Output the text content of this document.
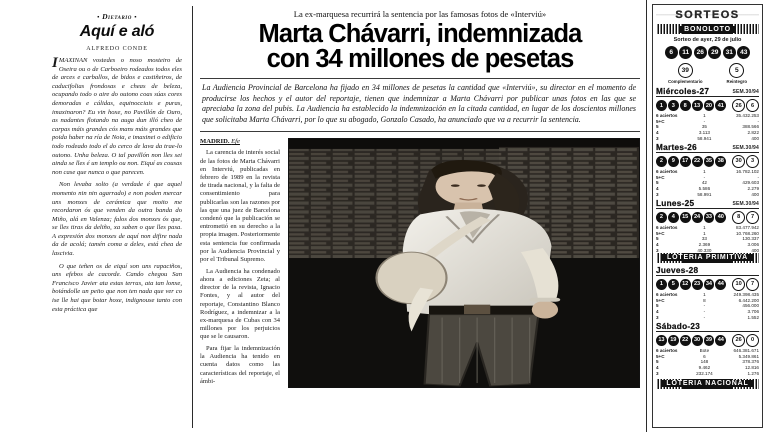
▪ Dietario ▪
Aquí e aló
ALFREDO CONDE

IMAXINAN vostedes o noso mosteiro de Oseira ou o de Carboeiro rodeados todos eles de arces e carballos, de bidos e castiñeiros, de caducifolias frondosas e cheas de beleza, ocupando todo o aire do outono coas súas cores demoradas e cálidas, equinocciais e puras, imaxinaron? Eu vin hoxe, no Pavillón de Ouro, as nadantes flotando na auga dun illó cheo de carpas máis grandes cós mans máis grandes que poida haber na ría de Noia, e imaxinei o edificio todo rodeado todo el do cerco de lava da trae-lo outono. Unha beleza. O tal pavillón non lles sei ainda se lles é un templo ou non. Eiquí as cousas non case que nunca o que parecen.

Non levaba solto (a verdade é que aquel momento nin nin agarrado) e non poden mercar uns monxes de cerámica que moito me recordaron ós que venden da outra banda do Miño, alá en Valenza; falos dos monxes ós que, se lles tiras da deliño, xa saben o que lles pasa. A expresión dos monxes de aquí non difire nada da de acolá; tamén coma a deles, está chea de lascivia.

O que teñen os de eiquí son uns rapaciños, uns efebos de cacorde. Cando chegou San Francisco Javier ata estas terras, ata tan lonxe, boiándolle un peito que non ten nada que ver co ise lle hai que botar hoxe, indignouse tanto con esta práctica que

La ex-marquesa recurrirá la sentencia por las famosas fotos de «Interviú»
Marta Chávarri, indemnizada
con 34 millones de pesetas
La Audiencia Provincial de Barcelona ha fijado en 34 millones de pesetas la cantidad que «Interviú», su director en el momento de producirse los hechos y el autor del reportaje, tienen que indemnizar a Marta Chávarri por publicar unas fotos en las que se apreciaba la zona del pubis. La Audiencia ha establecido la indemnización en la citada cantidad, en lugar de los doscientos millones que solicitaba Marta Chávarri, por lo que su abogado, Gonzalo Casado, ha anunciado que va a recurrir la sentencia.
MADRID. Efe

La carencia de interés social de las fotos de Marta Chávarri en Interviú, publicadas en febrero de 1989 en la revista de tirada nacional, y la falta de consentimiento para publicarlas son las razones por las que una juez de Barcelona condenó que la publicación se entrometió en su derecho a la propia imagen. Posteriormente esta sentencia fue confirmada por la Audiencia Provincial y por el Tribunal Supremo.

La Audiencia ha condenado ahora a ediciones Zeta; al director de la revista, Ignacio Fontes, y al autor del reportaje, Constantino Blanco Rodríguez, a indemnizar a la ex-marquesa de Cubas con 34 millones por los perjuicios que se le causaron.

Para fijar la indemnización la Audiencia ha tenido en cuenta datos como las características del reportaje, el ámbi-

SORTEOS
BONOLOTO
Sorteo de ayer, 29 de julio
6	11	26	29	31	43
39
Complementario
5
Reintegro
Miércoles-27	SEM.30/94
1	3	8	13	20	41	26	6
6 aciertos	1	35.432.253
5+C	-	-
5	35	388.566
4	3.113	2.822
3	58.941	400
Martes-26	SEM.30/94
2	9	17	22	35	38	30	3
6 aciertos	1	16.782.102
5+C	-	-
5	42	429.603
4	5.586	2.279
3	58.991	400
Lunes-25	SEM.30/94
2	4	15	24	33	40	8	7
6 aciertos	1	83.477.942
5+C	1	10.768.260
5	33	130.337
4	2.369	3.006
3	40.330	400
LOTERIA PRIMITIVA
Jueves-28
1	5	12	23	34	44	10	7
6 aciertos	1	249.398.435
5+C	8	6.442.200
5	-	456.000
4	-	3.706
3	-	1.552
Sábado-23
13	19	22	30	39	44	26	0
6 aciertos	Bote	646.381.671
5+C	6	5.349.861
5	148	378.376
4	9.462	12.816
3	232.174	1.276
LOTERIA NACIONAL
